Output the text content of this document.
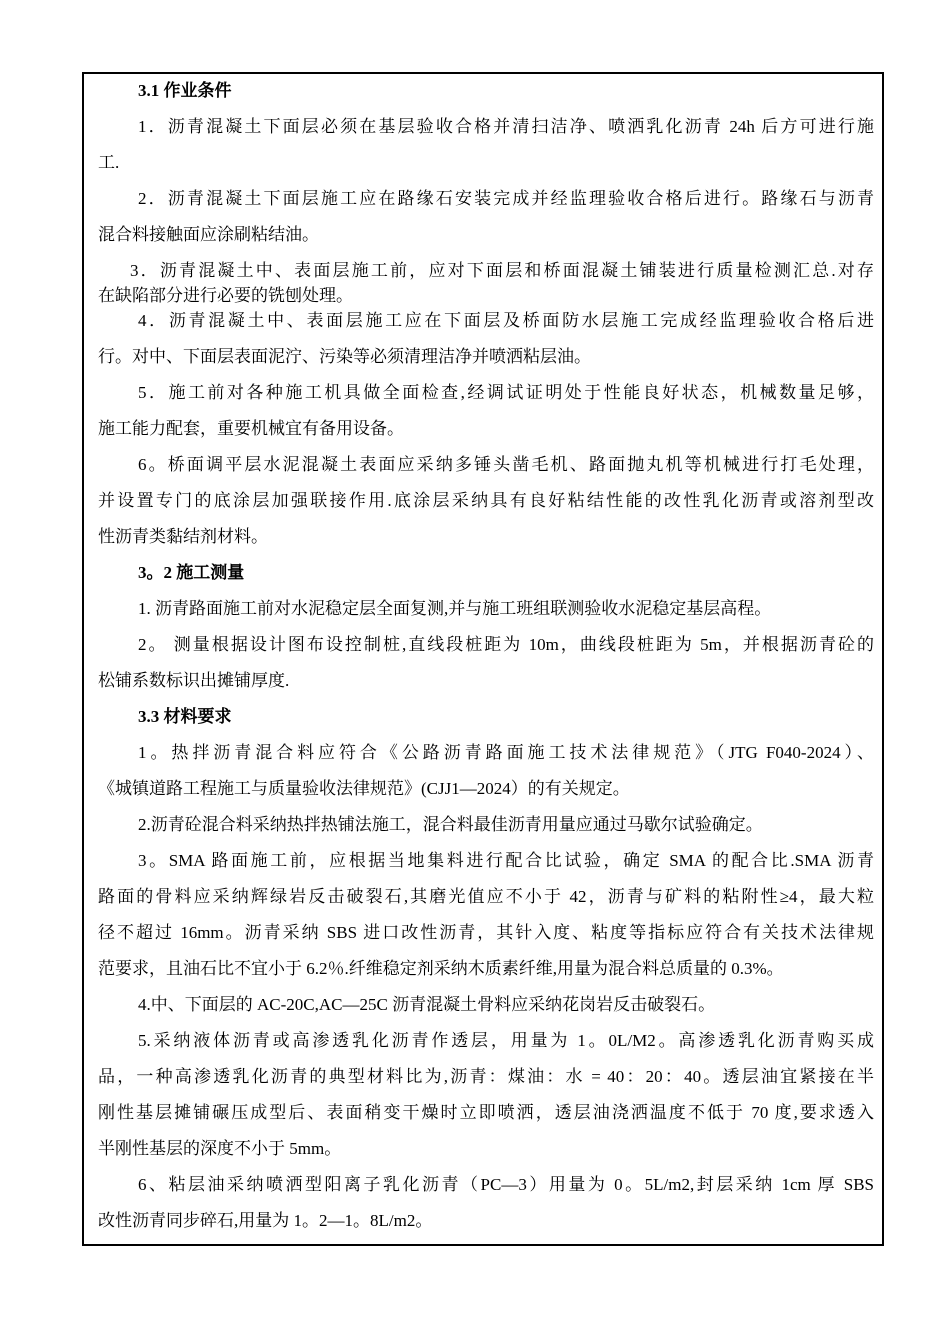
3.1 作业条件
1．沥青混凝土下面层必须在基层验收合格并清扫洁净、喷洒乳化沥青 24h 后方可进行施
工.
2．沥青混凝土下面层施工应在路缘石安装完成并经监理验收合格后进行。路缘石与沥青
混合料接触面应涂刷粘结油。
3．沥青混凝土中、表面层施工前，应对下面层和桥面混凝土铺装进行质量检测汇总.对存
在缺陷部分进行必要的铣刨处理。
4．沥青混凝土中、表面层施工应在下面层及桥面防水层施工完成经监理验收合格后进
行。对中、下面层表面泥泞、污染等必须清理洁净并喷洒粘层油。
5．施工前对各种施工机具做全面检查,经调试证明处于性能良好状态，机械数量足够，
施工能力配套，重要机械宜有备用设备。
6。桥面调平层水泥混凝土表面应采纳多锤头凿毛机、路面抛丸机等机械进行打毛处理，
并设置专门的底涂层加强联接作用.底涂层采纳具有良好粘结性能的改性乳化沥青或溶剂型改
性沥青类黏结剂材料。
3。2 施工测量
1. 沥青路面施工前对水泥稳定层全面复测,并与施工班组联测验收水泥稳定基层高程。
2。 测量根据设计图布设控制桩,直线段桩距为 10m，曲线段桩距为 5m，并根据沥青砼的
松铺系数标识出摊铺厚度.
3.3 材料要求
1。热拌沥青混合料应符合《公路沥青路面施工技术法律规范》（JTG F040-2024）、
《城镇道路工程施工与质量验收法律规范》(CJJ1—2024）的有关规定。
2.沥青砼混合料采纳热拌热铺法施工，混合料最佳沥青用量应通过马歇尔试验确定。
3。SMA 路面施工前，应根据当地集料进行配合比试验，确定 SMA 的配合比.SMA 沥青
路面的骨料应采纳辉绿岩反击破裂石,其磨光值应不小于 42，沥青与矿料的粘附性≥4，最大粒
径不超过 16mm。沥青采纳 SBS 进口改性沥青，其针入度、粘度等指标应符合有关技术法律规
范要求，且油石比不宜小于 6.2％.纤维稳定剂采纳木质素纤维,用量为混合料总质量的 0.3%。
4.中、下面层的 AC-20C,AC—25C 沥青混凝土骨料应采纳花岗岩反击破裂石。
5.采纳液体沥青或高渗透乳化沥青作透层，用量为 1。0L/M2。高渗透乳化沥青购买成
品，一种高渗透乳化沥青的典型材料比为,沥青：煤油：水 = 40：20：40。透层油宜紧接在半
刚性基层摊铺碾压成型后、表面稍变干燥时立即喷洒，透层油浇洒温度不低于 70 度,要求透入
半刚性基层的深度不小于 5mm。
6、粘层油采纳喷洒型阳离子乳化沥青（PC—3）用量为 0。5L/m2,封层采纳 1cm 厚 SBS
改性沥青同步碎石,用量为 1。2—1。8L/m2。
